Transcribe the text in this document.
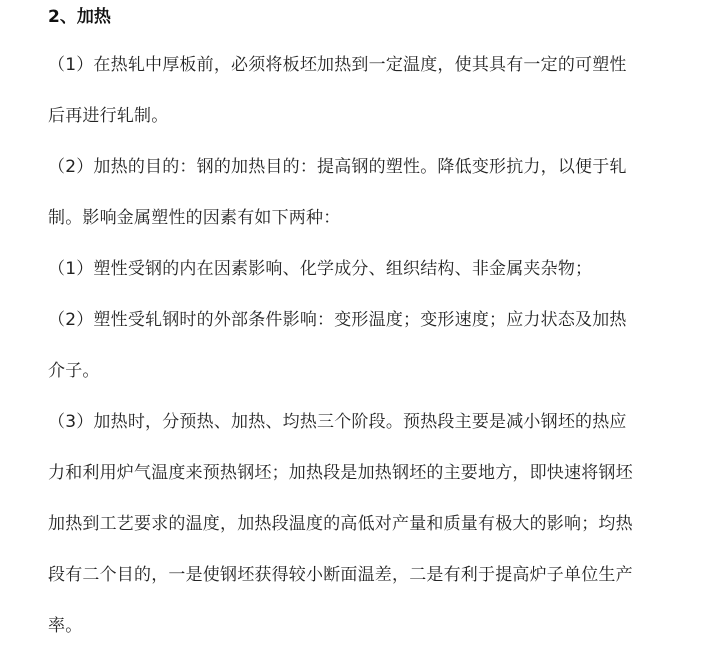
2、加热

（1）在热轧中厚板前，必须将板坯加热到一定温度，使其具有一定的可塑性
后再进行轧制。

（2）加热的目的：钢的加热目的：提高钢的塑性。降低变形抗力，以便于轧
制。影响金属塑性的因素有如下两种：

（1）塑性受钢的内在因素影响、化学成分、组织结构、非金属夹杂物；

（2）塑性受轧钢时的外部条件影响：变形温度；变形速度；应力状态及加热
介子。

（3）加热时，分预热、加热、均热三个阶段。预热段主要是减小钢坯的热应
力和利用炉气温度来预热钢坯；加热段是加热钢坯的主要地方，即快速将钢坯
加热到工艺要求的温度，加热段温度的高低对产量和质量有极大的影响；均热
段有二个目的，一是使钢坯获得较小断面温差，二是有利于提高炉子单位生产
率。
